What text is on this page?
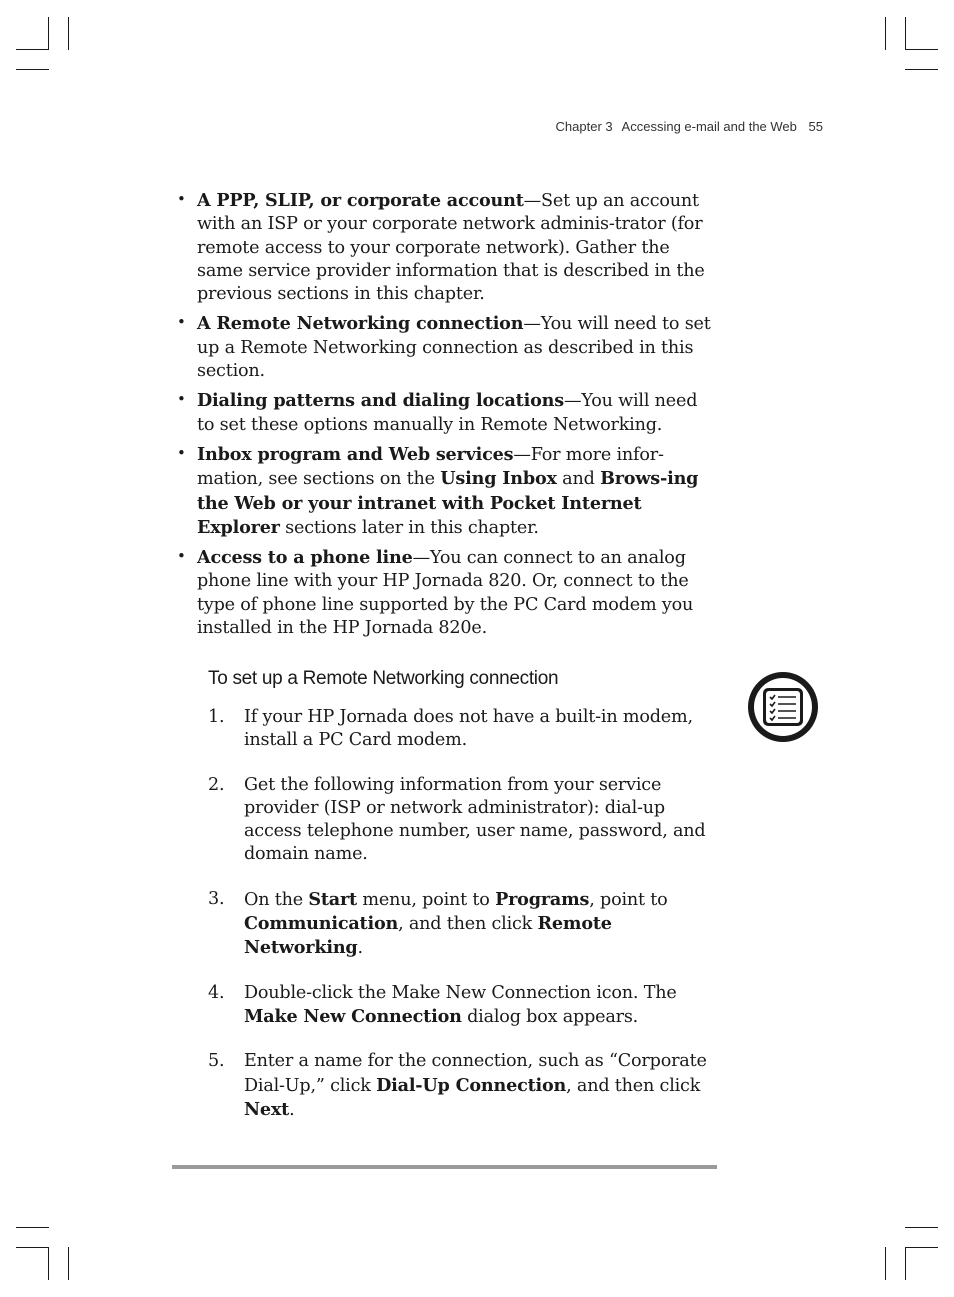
Chapter 3 Accessing e-mail and the Web 55
• A PPP, SLIP, or corporate account—Set up an account with an ISP or your corporate network adminis-trator (for remote access to your corporate network). Gather the same service provider information that is described in the previous sections in this chapter.
• A Remote Networking connection—You will need to set up a Remote Networking connection as described in this section.
• Dialing patterns and dialing locations—You will need to set these options manually in Remote Networking.
• Inbox program and Web services—For more infor-mation, see sections on the Using Inbox and Brows-ing the Web or your intranet with Pocket Internet Explorer sections later in this chapter.
• Access to a phone line—You can connect to an analog phone line with your HP Jornada 820. Or, connect to the type of phone line supported by the PC Card modem you installed in the HP Jornada 820e.
To set up a Remote Networking connection
1. If your HP Jornada does not have a built-in modem, install a PC Card modem.
2. Get the following information from your service provider (ISP or network administrator): dial-up access telephone number, user name, password, and domain name.
3. On the Start menu, point to Programs, point to Communication, and then click Remote Networking.
4. Double-click the Make New Connection icon. The Make New Connection dialog box appears.
5. Enter a name for the connection, such as “Corporate Dial-Up,” click Dial-Up Connection, and then click Next.
